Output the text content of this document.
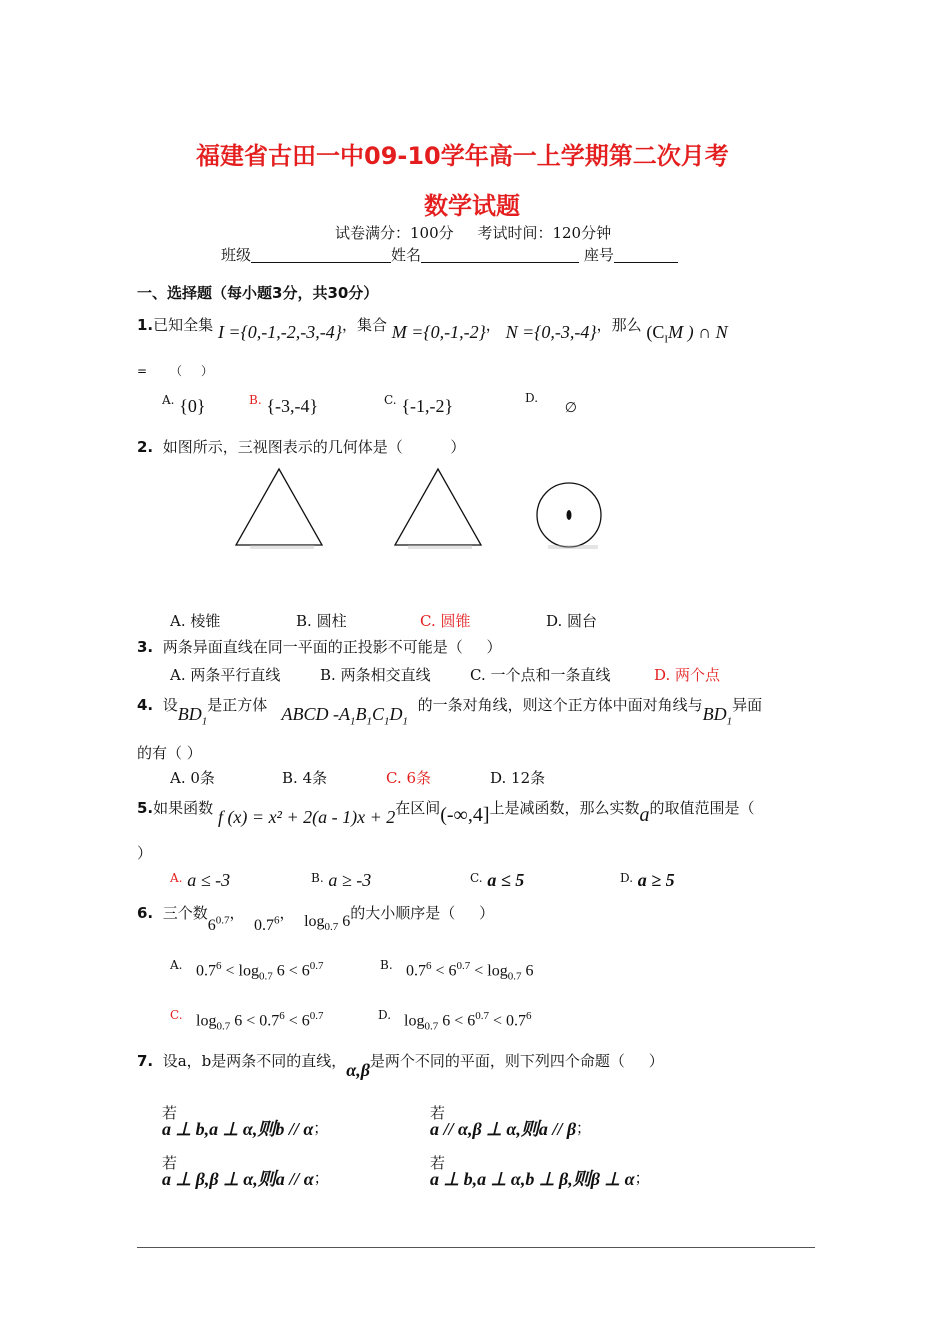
福建省古田一中09-10学年高一上学期第二次月考
数学试题
试卷满分：100分     考试时间：120分钟
班级	姓名	座号
一、选择题（每小题3分，共30分）
1.已知全集 I ={0,-1,-2,-3,-4}，集合 M ={0,-1,-2}， N ={0,-3,-4}，那么 ($C_IM$ ) ∩ N
= （     ）
A. {0}	B. {-3,-4}	C. {-1,-2}	D. ∅
2. 如图所示，三视图表示的几何体是（          ）
A. 棱锥	B. 圆柱	C. 圆锥	D. 圆台
3. 两条异面直线在同一平面的正投影不可能是（     ）
A. 两条平行直线	B. 两条相交直线	C. 一个点和一条直线	D. 两个点
4. 设$BD_1$是正方体 ABCD $-A_1B_1C_1D_1$  的一条对角线，则这个正方体中面对角线与$BD_1$异面
的有（ ）
A. 0条	B. 4条	C. 6条	D. 12条
5.如果函数 f (x) = x² + 2(a - 1)x + 2在区间(-∞,4]上是减函数，那么实数a的取值范围是（
）
A. a ≤ -3	B. a ≥ -3	C. a ≤ 5	D. a ≥ 5
6. 三个数$6^{0.7}$，  $0.7^6$， $\log_{0.7} 6$的大小顺序是（     ）
A. $0.7^6 < \log_{0.7} 6 < 6^{0.7}$	B. $0.7^6 < 6^{0.7} < \log_{0.7} 6$
C. $\log_{0.7} 6 < 0.7^6 < 6^{0.7}$	D. $\log_{0.7} 6 < 6^{0.7} < 0.7^6$
7. 设a，b是两条不同的直线，α,β是两个不同的平面，则下列四个命题（     ）
若
a ⊥ b,a ⊥ α,则b // α；
若
a // α,β ⊥ α,则a // β；
若
a ⊥ β,β ⊥ α,则a // α；
若
a ⊥ b,a ⊥ α,b ⊥ β,则β ⊥ α；
